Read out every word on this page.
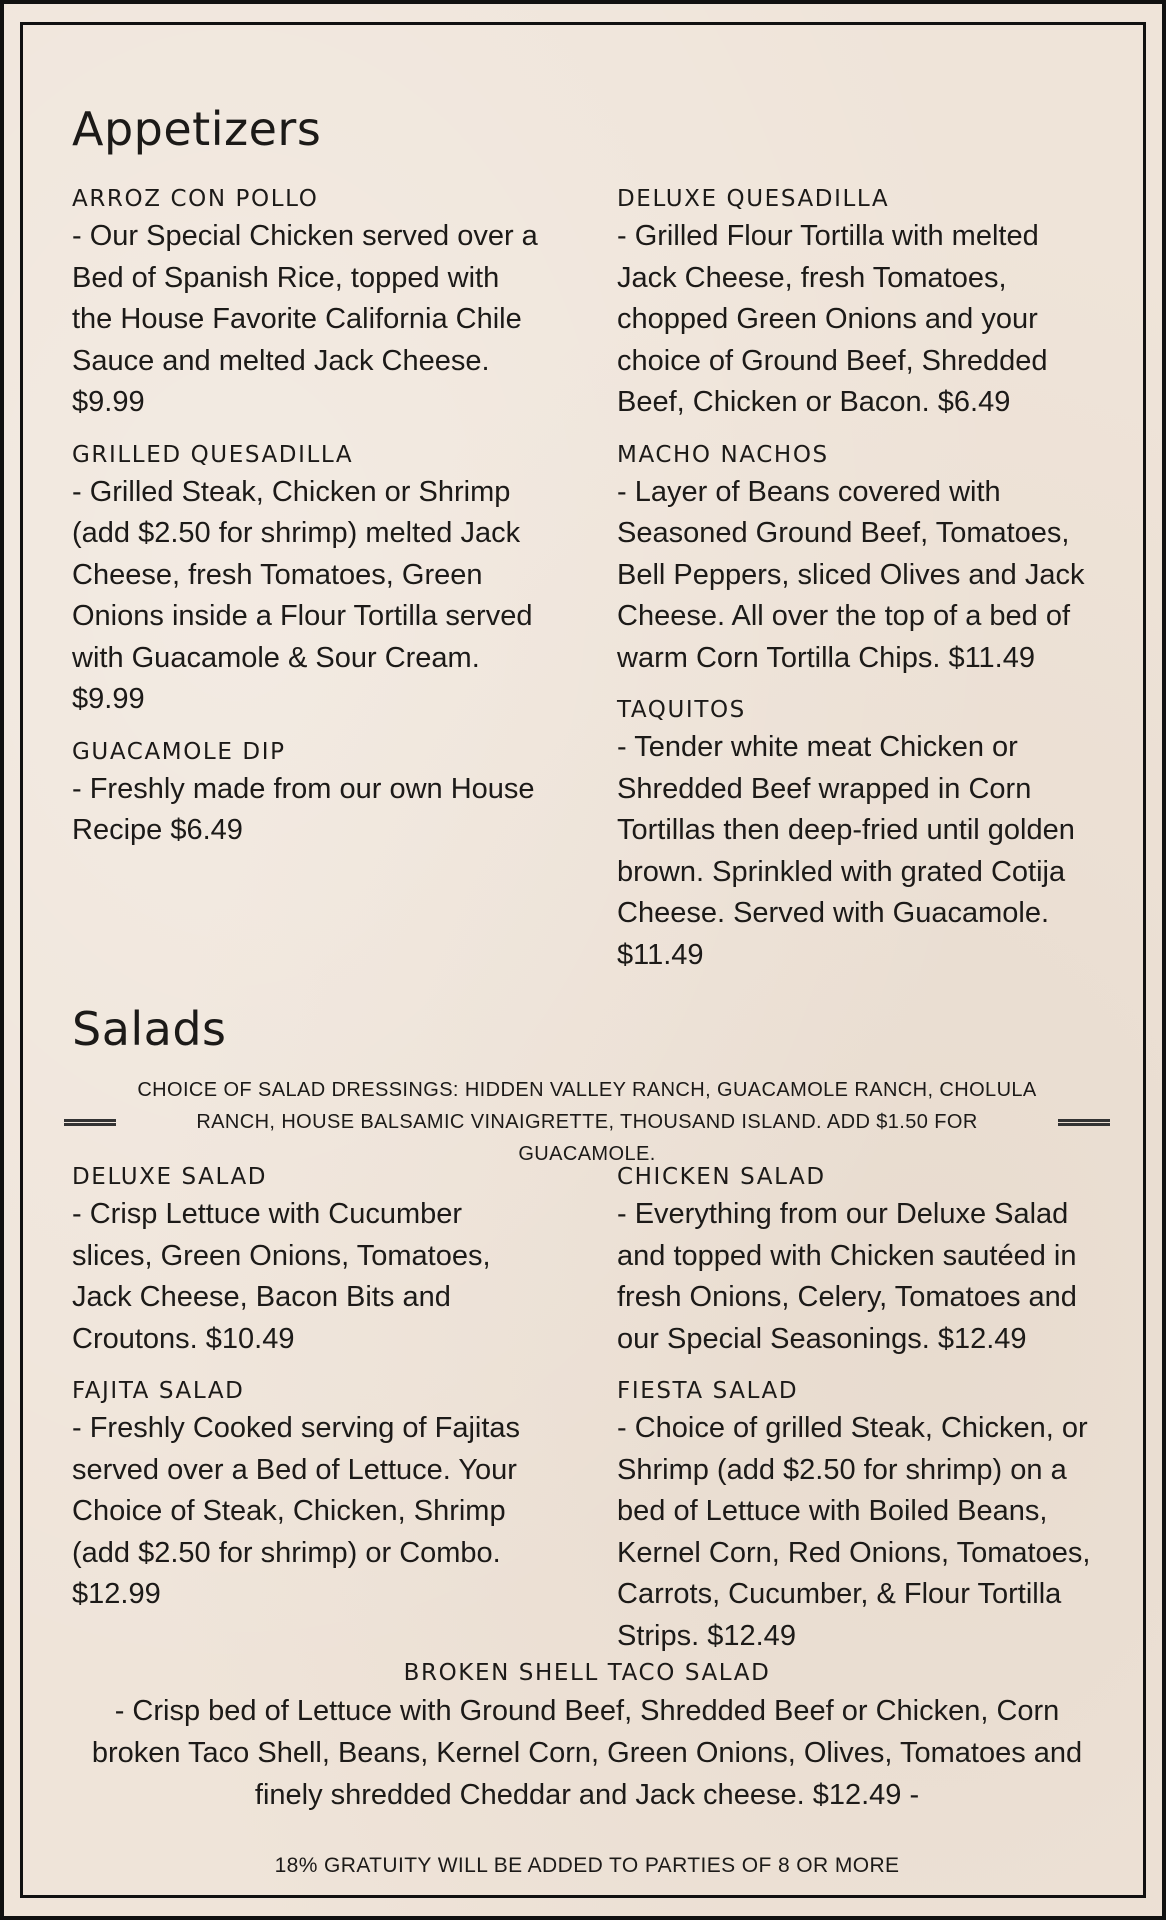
Appetizers
ARROZ CON POLLO

- Our Special Chicken served over a Bed of Spanish Rice, topped with the House Favorite California Chile Sauce and melted Jack Cheese. $9.99

GRILLED QUESADILLA

- Grilled Steak, Chicken or Shrimp (add $2.50 for shrimp) melted Jack Cheese, fresh Tomatoes, Green Onions inside a Flour Tortilla served with Guacamole & Sour Cream. $9.99

GUACAMOLE DIP

- Freshly made from our own House Recipe $6.49

DELUXE QUESADILLA

- Grilled Flour Tortilla with melted Jack Cheese, fresh Tomatoes, chopped Green Onions and your choice of Ground Beef, Shredded Beef, Chicken or Bacon. $6.49

MACHO NACHOS

- Layer of Beans covered with Seasoned Ground Beef, Tomatoes, Bell Peppers, sliced Olives and Jack Cheese. All over the top of a bed of warm Corn Tortilla Chips. $11.49

TAQUITOS

- Tender white meat Chicken or Shredded Beef wrapped in Corn Tortillas then deep-fried until golden brown. Sprinkled with grated Cotija Cheese. Served with Guacamole. $11.49

Salads

CHOICE OF SALAD DRESSINGS: HIDDEN VALLEY RANCH, GUACAMOLE RANCH, CHOLULA RANCH, HOUSE BALSAMIC VINAIGRETTE, THOUSAND ISLAND. ADD $1.50 FOR GUACAMOLE.

DELUXE SALAD

- Crisp Lettuce with Cucumber slices, Green Onions, Tomatoes, Jack Cheese, Bacon Bits and Croutons. $10.49

FAJITA SALAD

- Freshly Cooked serving of Fajitas served over a Bed of Lettuce. Your Choice of Steak, Chicken, Shrimp (add $2.50 for shrimp) or Combo. $12.99

CHICKEN SALAD

- Everything from our Deluxe Salad and topped with Chicken sautéed in fresh Onions, Celery, Tomatoes and our Special Seasonings. $12.49

FIESTA SALAD

- Choice of grilled Steak, Chicken, or Shrimp (add $2.50 for shrimp) on a bed of Lettuce with Boiled Beans, Kernel Corn, Red Onions, Tomatoes, Carrots, Cucumber, & Flour Tortilla Strips. $12.49

BROKEN SHELL TACO SALAD

- Crisp bed of Lettuce with Ground Beef, Shredded Beef or Chicken, Corn broken Taco Shell, Beans, Kernel Corn, Green Onions, Olives, Tomatoes and finely shredded Cheddar and Jack cheese. $12.49 -

18% GRATUITY WILL BE ADDED TO PARTIES OF 8 OR MORE
